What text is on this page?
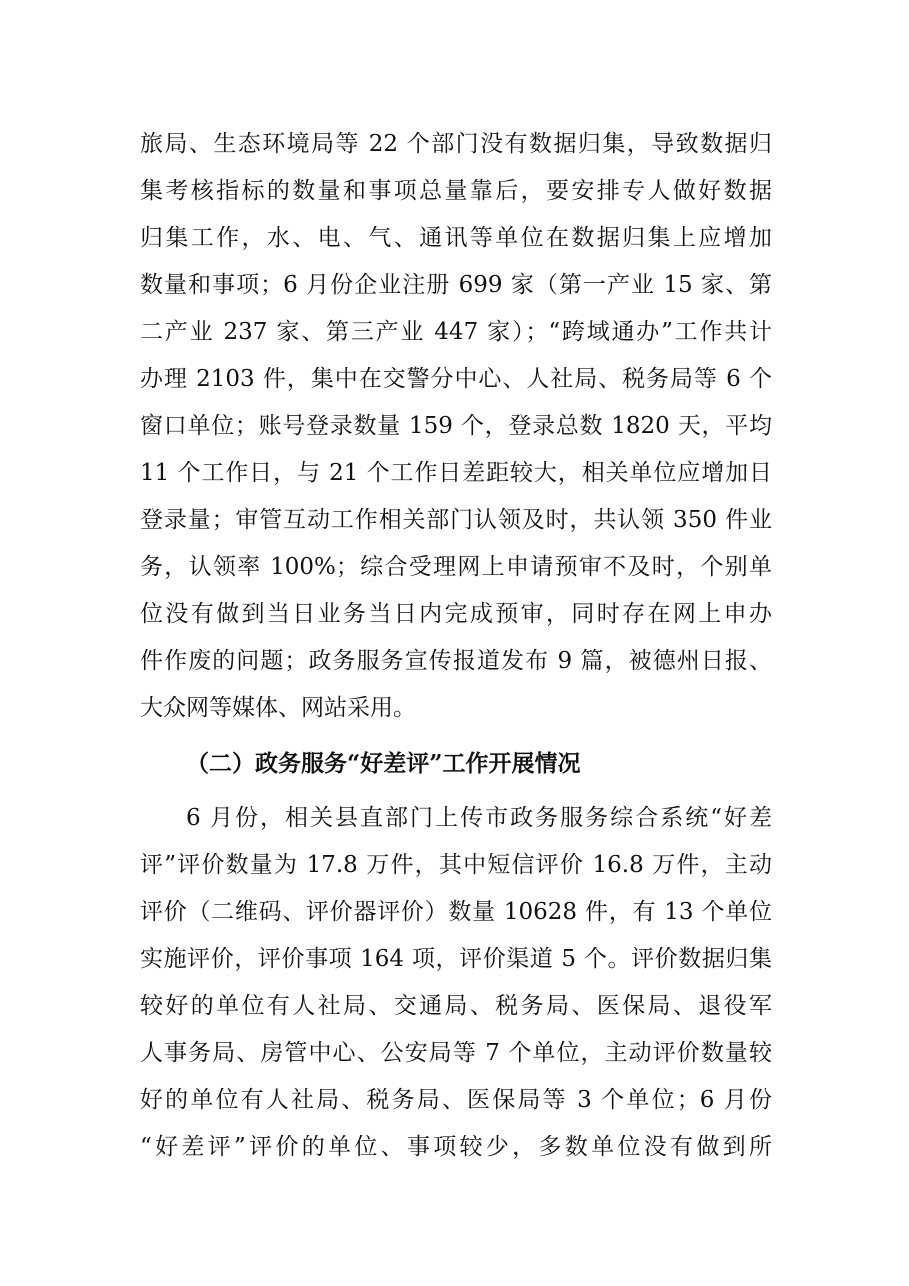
旅局、生态环境局等 22 个部门没有数据归集，导致数据归
集考核指标的数量和事项总量靠后，要安排专人做好数据
归集工作，水、电、气、通讯等单位在数据归集上应增加
数量和事项；6 月份企业注册 699 家（第一产业 15 家、第
二产业 237 家、第三产业 447 家）；“跨域通办”工作共计
办理 2103 件，集中在交警分中心、人社局、税务局等 6 个
窗口单位；账号登录数量 159 个，登录总数 1820 天，平均
11 个工作日，与 21 个工作日差距较大，相关单位应增加日
登录量；审管互动工作相关部门认领及时，共认领 350 件业
务，认领率 100%；综合受理网上申请预审不及时，个别单
位没有做到当日业务当日内完成预审，同时存在网上申办
件作废的问题；政务服务宣传报道发布 9 篇，被德州日报、
大众网等媒体、网站采用。
（二）政务服务“好差评”工作开展情况
6 月份，相关县直部门上传市政务服务综合系统“好差
评”评价数量为 17.8 万件，其中短信评价 16.8 万件，主动
评价（二维码、评价器评价）数量 10628 件，有 13 个单位
实施评价，评价事项 164 项，评价渠道 5 个。评价数据归集
较好的单位有人社局、交通局、税务局、医保局、退役军
人事务局、房管中心、公安局等 7 个单位，主动评价数量较
好的单位有人社局、税务局、医保局等 3 个单位；6 月份
“好差评”评价的单位、事项较少，多数单位没有做到所
